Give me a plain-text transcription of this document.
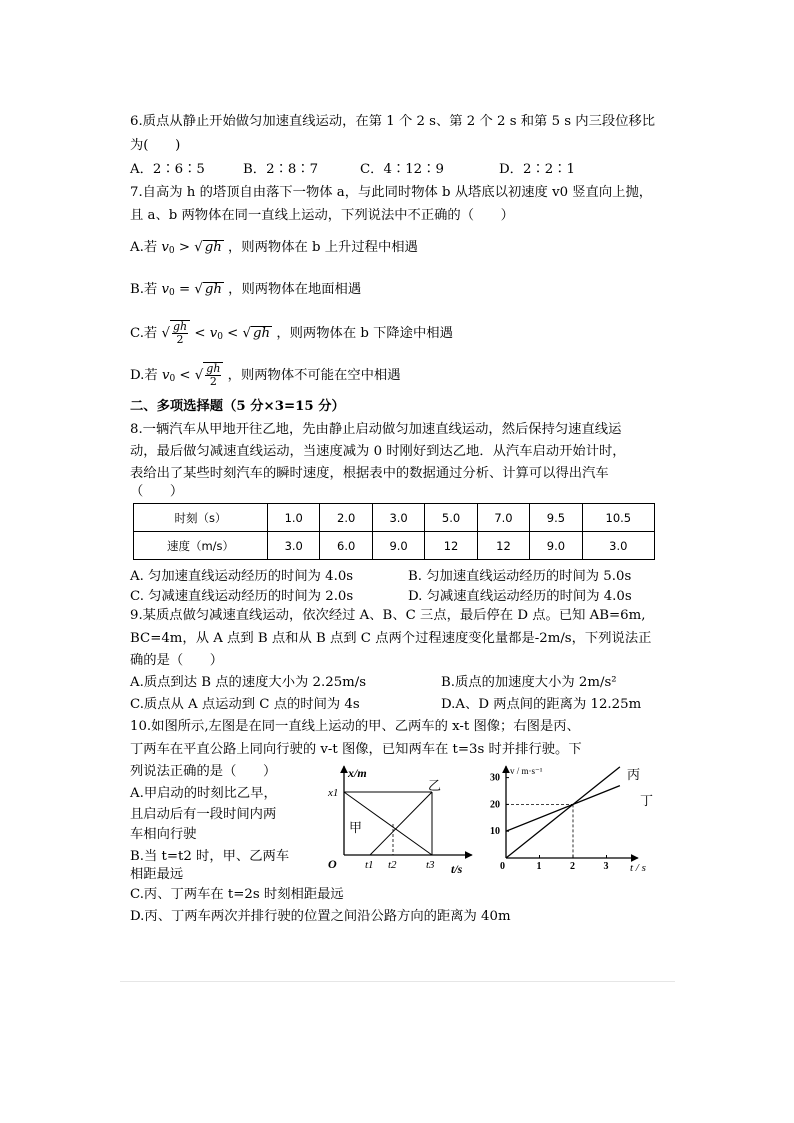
6.质点从静止开始做匀加速直线运动，在第 1 个 2 s、第 2 个 2 s 和第 5 s 内三段位移比
为(　　)
A．2∶6∶5	B．2∶8∶7	C．4∶12∶9	D．2∶2∶1
7.自高为 h 的塔顶自由落下一物体 a，与此同时物体 b 从塔底以初速度 v0 竖直向上抛，
且 a、b 两物体在同一直线上运动，下列说法中不正确的（　　）
A.若 $v_0$ > √ gh ，则两物体在 b 上升过程中相遇
B.若 $v_0$ = √ gh ，则两物体在地面相遇
C.若 √ $\frac{gh}{2} < v_0$ < √ gh ，则两物体在 b 下降途中相遇
D.若 $v_0$ < √ $\frac{gh}{2}$ ，则两物体不可能在空中相遇
二、多项选择题（5 分×3=15 分）
8.一辆汽车从甲地开往乙地，先由静止启动做匀加速直线运动，然后保持匀速直线运
动，最后做匀减速直线运动，当速度减为 0 时刚好到达乙地．从汽车启动开始计时，
表给出了某些时刻汽车的瞬时速度，根据表中的数据通过分析、计算可以得出汽车
（　　）
时刻（s）	1.0	2.0	3.0	5.0	7.0	9.5	10.5
速度（m/s）	3.0	6.0	9.0	12	12	9.0	3.0
A. 匀加速直线运动经历的时间为 4.0s	B. 匀加速直线运动经历的时间为 5.0s
C. 匀减速直线运动经历的时间为 2.0s	D. 匀减速直线运动经历的时间为 4.0s
9.某质点做匀减速直线运动，依次经过 A、B、C 三点，最后停在 D 点。已知 AB=6m,
BC=4m，从 A 点到 B 点和从 B 点到 C 点两个过程速度变化量都是-2m/s，下列说法正
确的是（　　）
A.质点到达 B 点的速度大小为 2.25m/s	B.质点的加速度大小为 2m/s²
C.质点从 A 点运动到 C 点的时间为 4s	D.A、D 两点间的距离为 12.25m
10.如图所示,左图是在同一直线上运动的甲、乙两车的 x-t 图像；右图是丙、
丁两车在平直公路上同向行驶的 v-t 图像，已知两车在 t=3s 时并排行驶。下
列说法正确的是（　　）
A.甲启动的时刻比乙早，
且启动后有一段时间内两
车相向行驶
B.当 t=t2 时，甲、乙两车
相距最远
C.丙、丁两车在 t=2s 时刻相距最远
D.丙、丁两车两次并排行驶的位置之间沿公路方向的距离为 40m
x/m
t/s
O
x1
t1 t2	t3
甲
乙
v / m·s⁻¹
t / s
0	1	2	3
10
20
30	丙
丁
